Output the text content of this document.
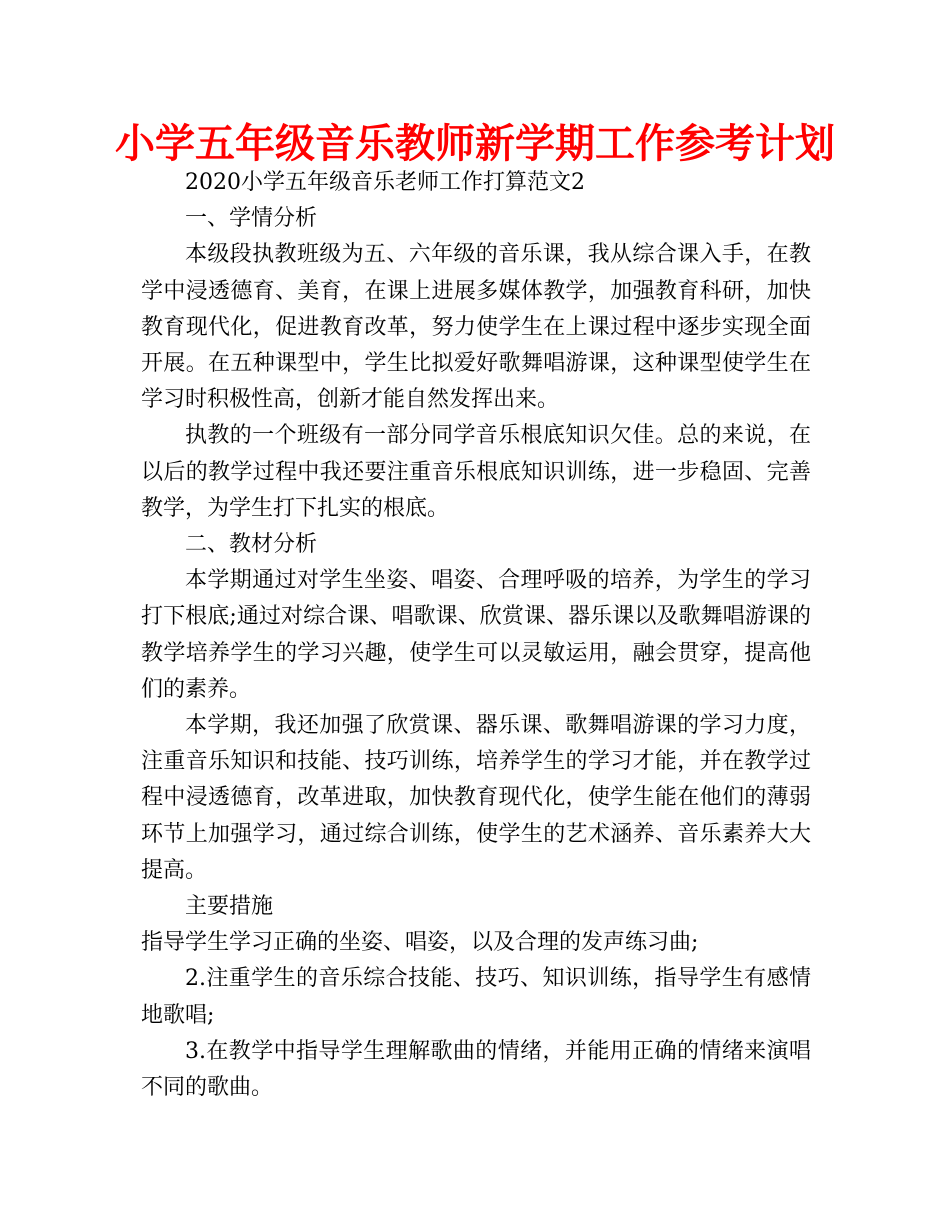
小学五年级音乐教师新学期工作参考计划

2020小学五年级音乐老师工作打算范文2

一、学情分析

本级段执教班级为五、六年级的音乐课，我从综合课入手，在教学中浸透德育、美育，在课上进展多媒体教学，加强教育科研，加快教育现代化，促进教育改革，努力使学生在上课过程中逐步实现全面开展。在五种课型中，学生比拟爱好歌舞唱游课，这种课型使学生在学习时积极性高，创新才能自然发挥出来。

执教的一个班级有一部分同学音乐根底知识欠佳。总的来说，在以后的教学过程中我还要注重音乐根底知识训练，进一步稳固、完善教学，为学生打下扎实的根底。

二、教材分析

本学期通过对学生坐姿、唱姿、合理呼吸的培养，为学生的学习打下根底;通过对综合课、唱歌课、欣赏课、器乐课以及歌舞唱游课的教学培养学生的学习兴趣，使学生可以灵敏运用，融会贯穿，提高他们的素养。

本学期，我还加强了欣赏课、器乐课、歌舞唱游课的学习力度，注重音乐知识和技能、技巧训练，培养学生的学习才能，并在教学过程中浸透德育，改革进取，加快教育现代化，使学生能在他们的薄弱环节上加强学习，通过综合训练，使学生的艺术涵养、音乐素养大大提高。

主要措施

指导学生学习正确的坐姿、唱姿，以及合理的发声练习曲;

2.注重学生的音乐综合技能、技巧、知识训练，指导学生有感情地歌唱;

3.在教学中指导学生理解歌曲的情绪，并能用正确的情绪来演唱不同的歌曲。
